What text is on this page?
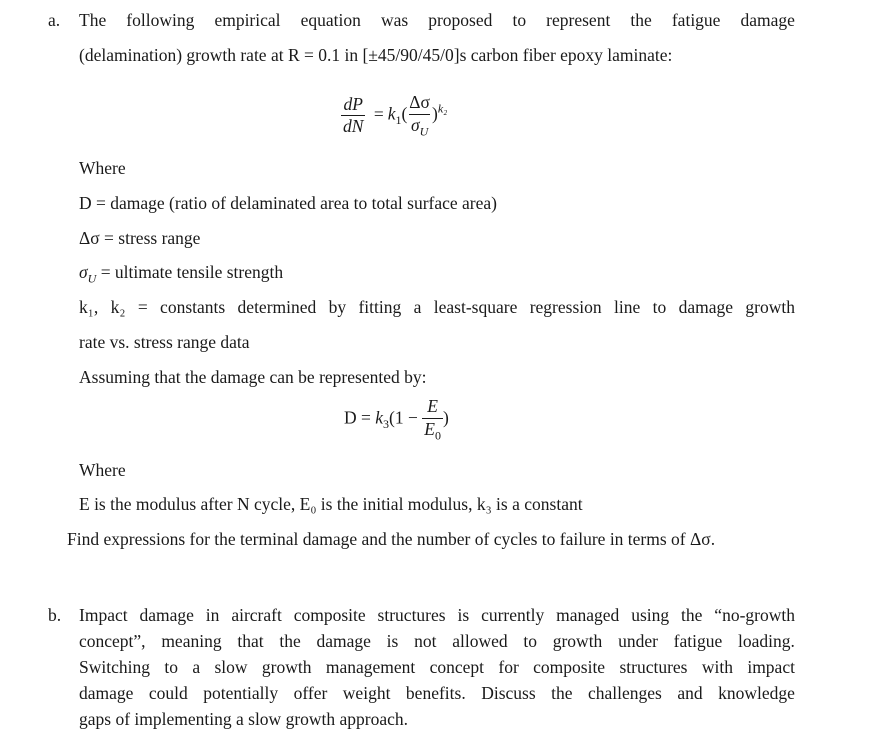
a. The following empirical equation was proposed to represent the fatigue damage
(delamination) growth rate at R = 0.1 in [±45/90/45/0]s carbon fiber epoxy laminate:
$\frac{dP}{dN} = k_1( \frac{\Delta\sigma}{\sigma_U} )^{k_2}$
Where
D = damage (ratio of delaminated area to total surface area)
Δσ = stress range
$\sigma_U$ = ultimate tensile strength
k₁, k₂ = constants determined by fitting a least-square regression line to damage growth
rate vs. stress range data
Assuming that the damage can be represented by:
$D = k_3(1 - \frac{E}{E_0}$ )
Where
E is the modulus after N cycle, E₀ is the initial modulus, k₃ is a constant
Find expressions for the terminal damage and the number of cycles to failure in terms of Δσ.
b. Impact damage in aircraft composite structures is currently managed using the “no-growth
concept”, meaning that the damage is not allowed to growth under fatigue loading.
Switching to a slow growth management concept for composite structures with impact
damage could potentially offer weight benefits. Discuss the challenges and knowledge
gaps of implementing a slow growth approach.
